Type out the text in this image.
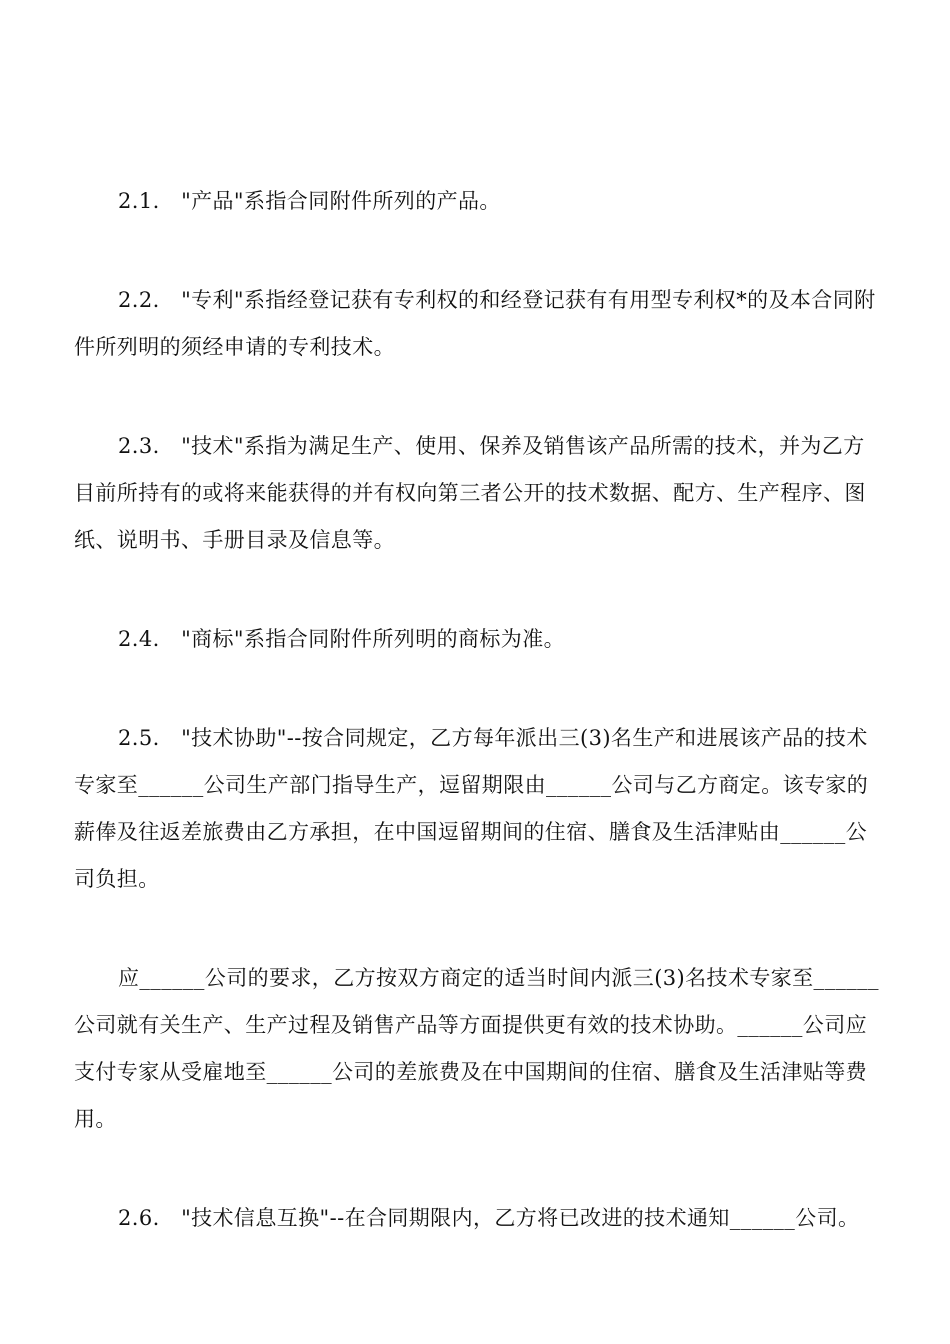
2.1.　"产品"系指合同附件所列的产品。

2.2.　"专利"系指经登记获有专利权的和经登记获有有用型专利权*的及本合同附件所列明的须经申请的专利技术。

2.3.　"技术"系指为满足生产、使用、保养及销售该产品所需的技术，并为乙方目前所持有的或将来能获得的并有权向第三者公开的技术数据、配方、生产程序、图纸、说明书、手册目录及信息等。

2.4.　"商标"系指合同附件所列明的商标为准。

2.5.　"技术协助"--按合同规定，乙方每年派出三(3)名生产和进展该产品的技术专家至______公司生产部门指导生产，逗留期限由______公司与乙方商定。该专家的薪俸及往返差旅费由乙方承担，在中国逗留期间的住宿、膳食及生活津贴由______公司负担。

应______公司的要求，乙方按双方商定的适当时间内派三(3)名技术专家至______公司就有关生产、生产过程及销售产品等方面提供更有效的技术协助。______公司应支付专家从受雇地至______公司的差旅费及在中国期间的住宿、膳食及生活津贴等费用。

2.6.　"技术信息互换"--在合同期限内，乙方将已改进的技术通知______公司。
